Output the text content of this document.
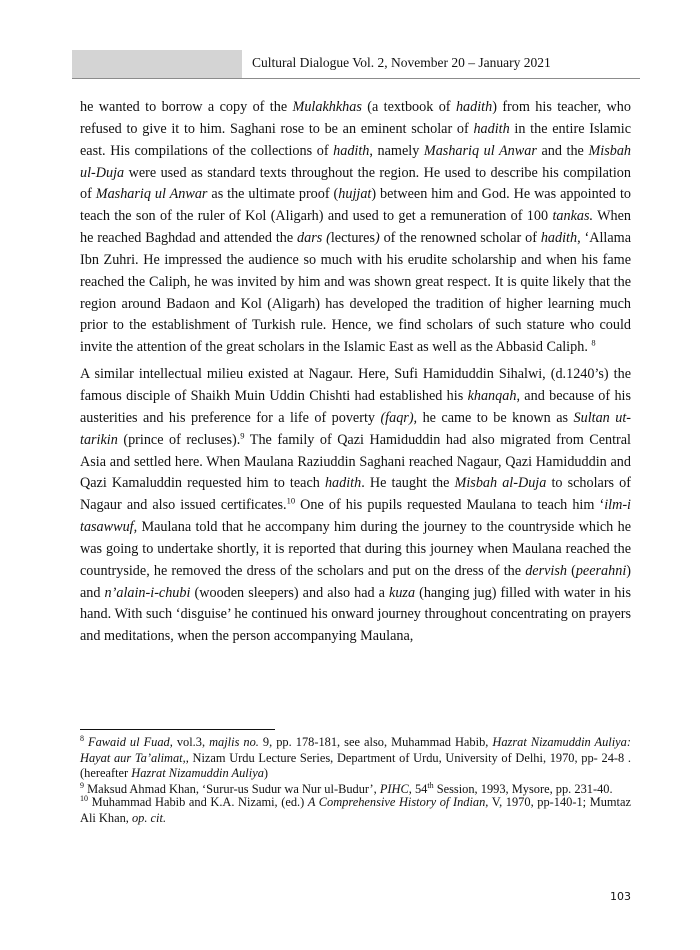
Cultural Dialogue Vol. 2, November 20 – January 2021

he wanted to borrow a copy of the Mulakhkhas (a textbook of hadith) from his teacher, who refused to give it to him. Saghani rose to be an eminent scholar of hadith in the entire Islamic east. His compilations of the collections of hadith, namely Mashariq ul Anwar and the Misbah ul-Duja were used as standard texts throughout the region. He used to describe his compilation of Mashariq ul Anwar as the ultimate proof (hujjat) between him and God. He was appointed to teach the son of the ruler of Kol (Aligarh) and used to get a remuneration of 100 tankas. When he reached Baghdad and attended the dars (lectures) of the renowned scholar of hadith, ‘Allama Ibn Zuhri. He impressed the audience so much with his erudite scholarship and when his fame reached the Caliph, he was invited by him and was shown great respect. It is quite likely that the region around Badaon and Kol (Aligarh) has developed the tradition of higher learning much prior to the establishment of Turkish rule. Hence, we find scholars of such stature who could invite the attention of the great scholars in the Islamic East as well as the Abbasid Caliph. $^8$

A similar intellectual milieu existed at Nagaur. Here, Sufi Hamiduddin Sihalwi, (d.1240’s) the famous disciple of Shaikh Muin Uddin Chishti had established his khanqah, and because of his austerities and his preference for a life of poverty (faqr), he came to be known as Sultan ut-tarikin (prince of recluses).$^9$ The family of Qazi Hamiduddin had also migrated from Central Asia and settled here. When Maulana Raziuddin Saghani reached Nagaur, Qazi Hamiduddin and Qazi Kamaluddin requested him to teach hadith. He taught the Misbah al-Duja to scholars of Nagaur and also issued certificates.$^{10}$ One of his pupils requested Maulana to teach him ‘ilm-i tasawwuf, Maulana told that he accompany him during the journey to the countryside which he was going to undertake shortly, it is reported that during this journey when Maulana reached the countryside, he removed the dress of the scholars and put on the dress of the dervish (peerahni) and n’alain-i-chubi (wooden sleepers) and also had a kuza (hanging jug) filled with water in his hand. With such ‘disguise’ he continued his onward journey throughout concentrating on prayers and meditations, when the person accompanying Maulana,

$^8$ Fawaid ul Fuad, vol.3, majlis no. 9, pp. 178-181, see also, Muhammad Habib, Hazrat Nizamuddin Auliya: Hayat aur Ta’alimat,, Nizam Urdu Lecture Series, Department of Urdu, University of Delhi, 1970, pp- 24-8 . (hereafter Hazrat Nizamuddin Auliya)

$^9$ Maksud Ahmad Khan, ‘Surur-us Sudur wa Nur ul-Budur’, PIHC, 54th Session, 1993, Mysore, pp. 231-40.

$^{10}$ Muhammad Habib and K.A. Nizami, (ed.) A Comprehensive History of Indian, V, 1970, pp-140-1; Mumtaz Ali Khan, op. cit.

103
